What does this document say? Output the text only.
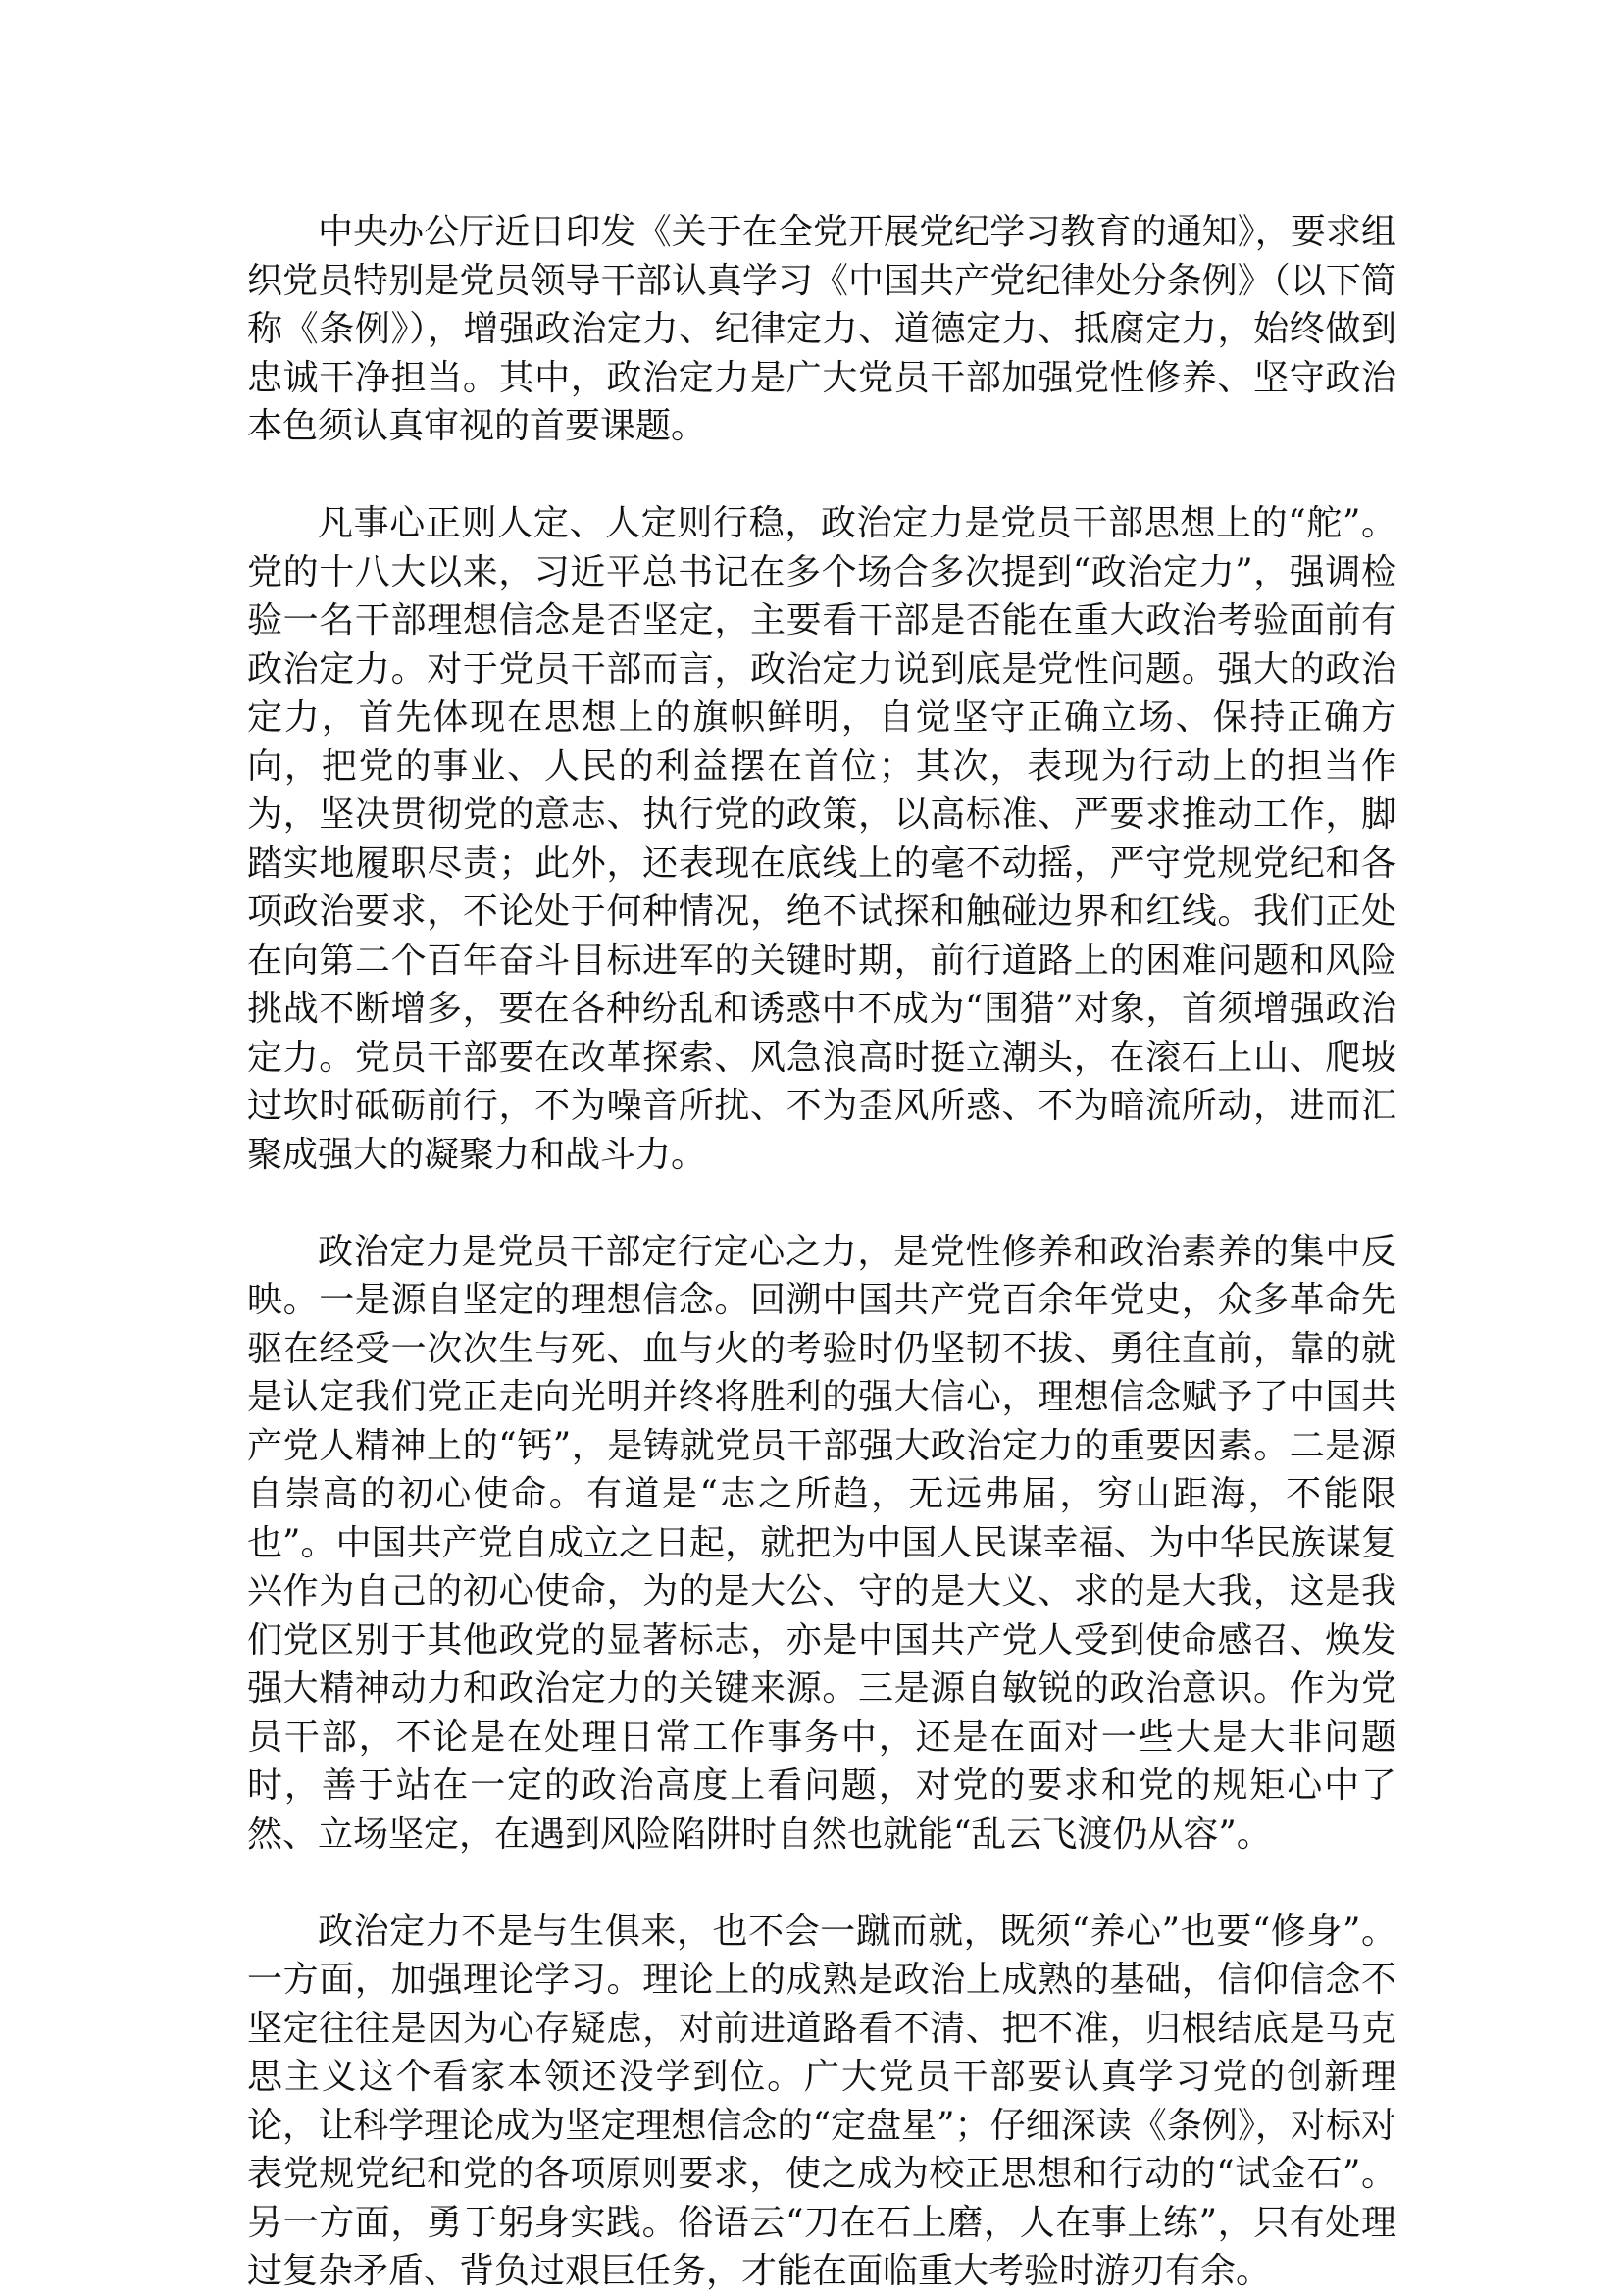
中央办公厅近日印发《关于在全党开展党纪学习教育的通知》，要求组织党员特别是党员领导干部认真学习《中国共产党纪律处分条例》（以下简称《条例》），增强政治定力、纪律定力、道德定力、抵腐定力，始终做到忠诚干净担当。其中，政治定力是广大党员干部加强党性修养、坚守政治本色须认真审视的首要课题。

凡事心正则人定、人定则行稳，政治定力是党员干部思想上的“舵”。党的十八大以来，习近平总书记在多个场合多次提到“政治定力”，强调检验一名干部理想信念是否坚定，主要看干部是否能在重大政治考验面前有政治定力。对于党员干部而言，政治定力说到底是党性问题。强大的政治定力，首先体现在思想上的旗帜鲜明，自觉坚守正确立场、保持正确方向，把党的事业、人民的利益摆在首位；其次，表现为行动上的担当作为，坚决贯彻党的意志、执行党的政策，以高标准、严要求推动工作，脚踏实地履职尽责；此外，还表现在底线上的毫不动摇，严守党规党纪和各项政治要求，不论处于何种情况，绝不试探和触碰边界和红线。我们正处在向第二个百年奋斗目标进军的关键时期，前行道路上的困难问题和风险挑战不断增多，要在各种纷乱和诱惑中不成为“围猎”对象，首须增强政治定力。党员干部要在改革探索、风急浪高时挺立潮头，在滚石上山、爬坡过坎时砥砺前行，不为噪音所扰、不为歪风所惑、不为暗流所动，进而汇聚成强大的凝聚力和战斗力。

政治定力是党员干部定行定心之力，是党性修养和政治素养的集中反映。一是源自坚定的理想信念。回溯中国共产党百余年党史，众多革命先驱在经受一次次生与死、血与火的考验时仍坚韧不拔、勇往直前，靠的就是认定我们党正走向光明并终将胜利的强大信心，理想信念赋予了中国共产党人精神上的“钙”，是铸就党员干部强大政治定力的重要因素。二是源自崇高的初心使命。有道是“志之所趋，无远弗届，穷山距海，不能限也”。中国共产党自成立之日起，就把为中国人民谋幸福、为中华民族谋复兴作为自己的初心使命，为的是大公、守的是大义、求的是大我，这是我们党区别于其他政党的显著标志，亦是中国共产党人受到使命感召、焕发强大精神动力和政治定力的关键来源。三是源自敏锐的政治意识。作为党员干部，不论是在处理日常工作事务中，还是在面对一些大是大非问题时，善于站在一定的政治高度上看问题，对党的要求和党的规矩心中了然、立场坚定，在遇到风险陷阱时自然也就能“乱云飞渡仍从容”。

政治定力不是与生俱来，也不会一蹴而就，既须“养心”也要“修身”。一方面，加强理论学习。理论上的成熟是政治上成熟的基础，信仰信念不坚定往往是因为心存疑虑，对前进道路看不清、把不准，归根结底是马克思主义这个看家本领还没学到位。广大党员干部要认真学习党的创新理论，让科学理论成为坚定理想信念的“定盘星”；仔细深读《条例》，对标对表党规党纪和党的各项原则要求，使之成为校正思想和行动的“试金石”。另一方面，勇于躬身实践。俗语云“刀在石上磨，人在事上练”，只有处理过复杂矛盾、背负过艰巨任务，才能在面临重大考验时游刃有余。
